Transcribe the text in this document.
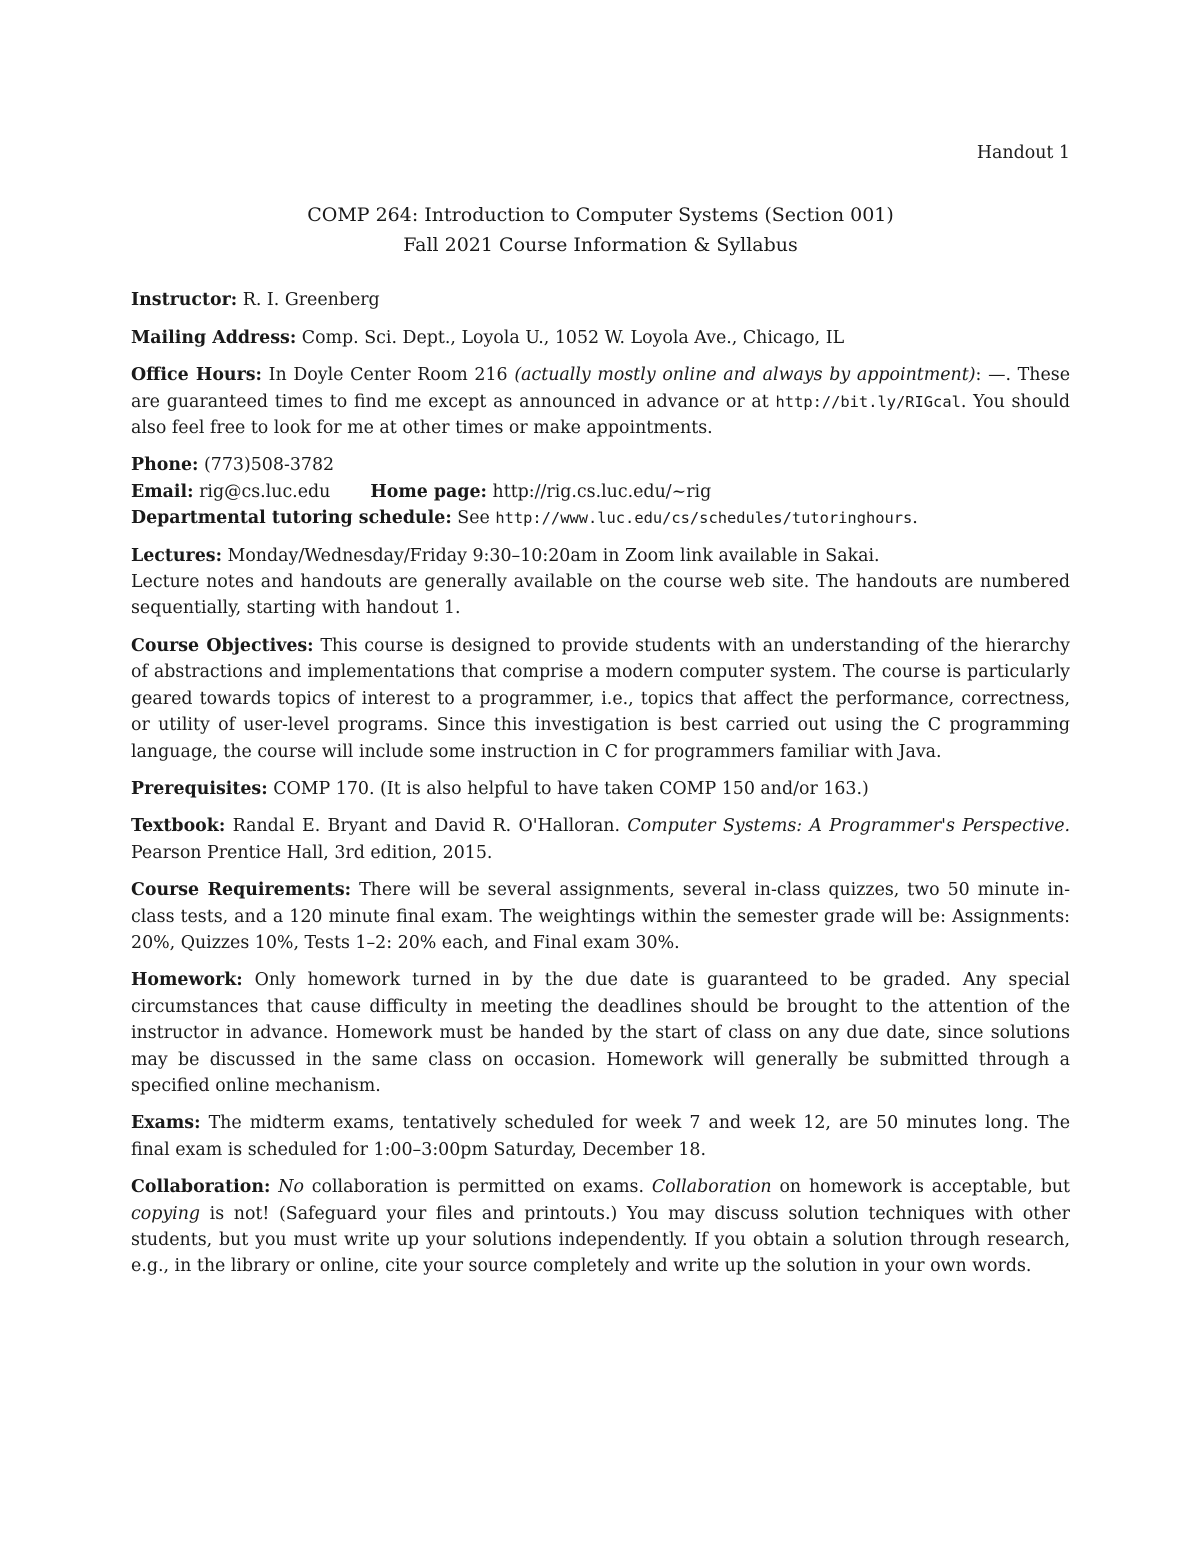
Handout 1
COMP 264: Introduction to Computer Systems (Section 001)
Fall 2021 Course Information & Syllabus

Instructor: R. I. Greenberg

Mailing Address: Comp. Sci. Dept., Loyola U., 1052 W. Loyola Ave., Chicago, IL

Office Hours: In Doyle Center Room 216 (actually mostly online and always by appointment): —. These are guaranteed times to find me except as announced in advance or at http://bit.ly/RIGcal. You should also feel free to look for me at other times or make appointments.

Phone: (773)508-3782
Email: rig@cs.luc.edu Home page: http://rig.cs.luc.edu/~rig
Departmental tutoring schedule: See http://www.luc.edu/cs/schedules/tutoringhours.

Lectures: Monday/Wednesday/Friday 9:30–10:20am in Zoom link available in Sakai.
Lecture notes and handouts are generally available on the course web site. The handouts are numbered sequentially, starting with handout 1.

Course Objectives: This course is designed to provide students with an understanding of the hierarchy of abstractions and implementations that comprise a modern computer system. The course is particularly geared towards topics of interest to a programmer, i.e., topics that affect the performance, correctness, or utility of user-level programs. Since this investigation is best carried out using the C programming language, the course will include some instruction in C for programmers familiar with Java.

Prerequisites: COMP 170. (It is also helpful to have taken COMP 150 and/or 163.)

Textbook: Randal E. Bryant and David R. O'Halloran. Computer Systems: A Programmer's Perspective. Pearson Prentice Hall, 3rd edition, 2015.

Course Requirements: There will be several assignments, several in-class quizzes, two 50 minute in-class tests, and a 120 minute final exam. The weightings within the semester grade will be: Assignments: 20%, Quizzes 10%, Tests 1–2: 20% each, and Final exam 30%.

Homework: Only homework turned in by the due date is guaranteed to be graded. Any special circumstances that cause difficulty in meeting the deadlines should be brought to the attention of the instructor in advance. Homework must be handed by the start of class on any due date, since solutions may be discussed in the same class on occasion. Homework will generally be submitted through a specified online mechanism.

Exams: The midterm exams, tentatively scheduled for week 7 and week 12, are 50 minutes long. The final exam is scheduled for 1:00–3:00pm Saturday, December 18.

Collaboration: No collaboration is permitted on exams. Collaboration on homework is acceptable, but copying is not! (Safeguard your files and printouts.) You may discuss solution techniques with other students, but you must write up your solutions independently. If you obtain a solution through research, e.g., in the library or online, cite your source completely and write up the solution in your own words.
